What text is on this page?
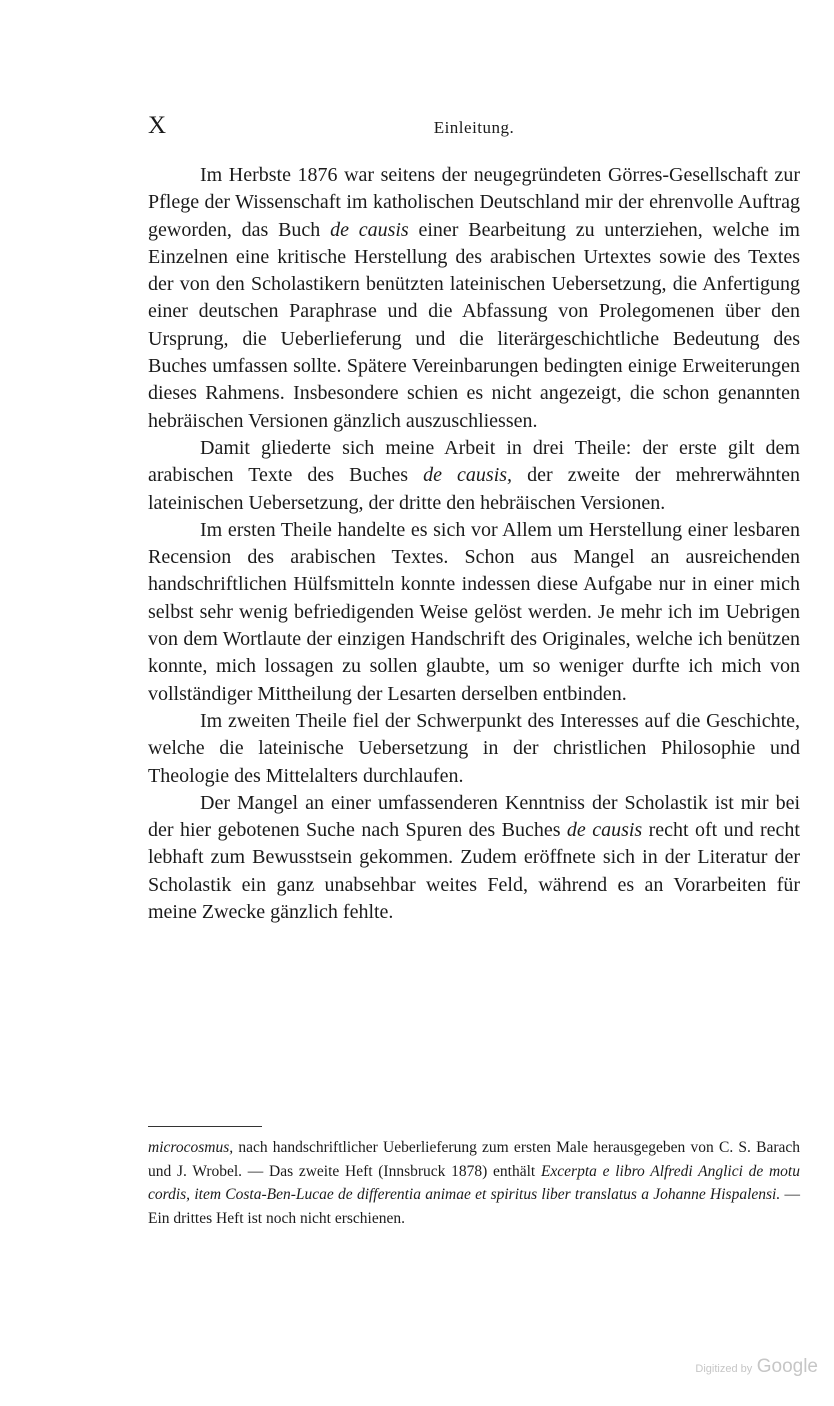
X	Einleitung.

Im Herbste 1876 war seitens der neugegründeten Görres-Gesellschaft zur Pflege der Wissenschaft im katholischen Deutschland mir der ehrenvolle Auftrag geworden, das Buch de causis einer Bearbeitung zu unterziehen, welche im Einzelnen eine kritische Herstellung des arabischen Urtextes sowie des Textes der von den Scholastikern benützten lateinischen Uebersetzung, die Anfertigung einer deutschen Paraphrase und die Abfassung von Prolegomenen über den Ursprung, die Ueberlieferung und die literärgeschichtliche Bedeutung des Buches umfassen sollte. Spätere Vereinbarungen bedingten einige Erweiterungen dieses Rahmens. Insbesondere schien es nicht angezeigt, die schon genannten hebräischen Versionen gänzlich auszuschliessen.

Damit gliederte sich meine Arbeit in drei Theile: der erste gilt dem arabischen Texte des Buches de causis, der zweite der mehrerwähnten lateinischen Uebersetzung, der dritte den hebräischen Versionen.

Im ersten Theile handelte es sich vor Allem um Herstellung einer lesbaren Recension des arabischen Textes. Schon aus Mangel an ausreichenden handschriftlichen Hülfsmitteln konnte indessen diese Aufgabe nur in einer mich selbst sehr wenig befriedigenden Weise gelöst werden. Je mehr ich im Uebrigen von dem Wortlaute der einzigen Handschrift des Originales, welche ich benützen konnte, mich lossagen zu sollen glaubte, um so weniger durfte ich mich von vollständiger Mittheilung der Lesarten derselben entbinden.

Im zweiten Theile fiel der Schwerpunkt des Interesses auf die Geschichte, welche die lateinische Uebersetzung in der christlichen Philosophie und Theologie des Mittelalters durchlaufen.

Der Mangel an einer umfassenderen Kenntniss der Scholastik ist mir bei der hier gebotenen Suche nach Spuren des Buches de causis recht oft und recht lebhaft zum Bewusstsein gekommen. Zudem eröffnete sich in der Literatur der Scholastik ein ganz unabsehbar weites Feld, während es an Vorarbeiten für meine Zwecke gänzlich fehlte.

microcosmus, nach handschriftlicher Ueberlieferung zum ersten Male herausgegeben von C. S. Barach und J. Wrobel. — Das zweite Heft (Innsbruck 1878) enthält Excerpta e libro Alfredi Anglici de motu cordis, item Costa-Ben-Lucae de differentia animae et spiritus liber translatus a Johanne Hispalensi. — Ein drittes Heft ist noch nicht erschienen.

Digitized by Google
